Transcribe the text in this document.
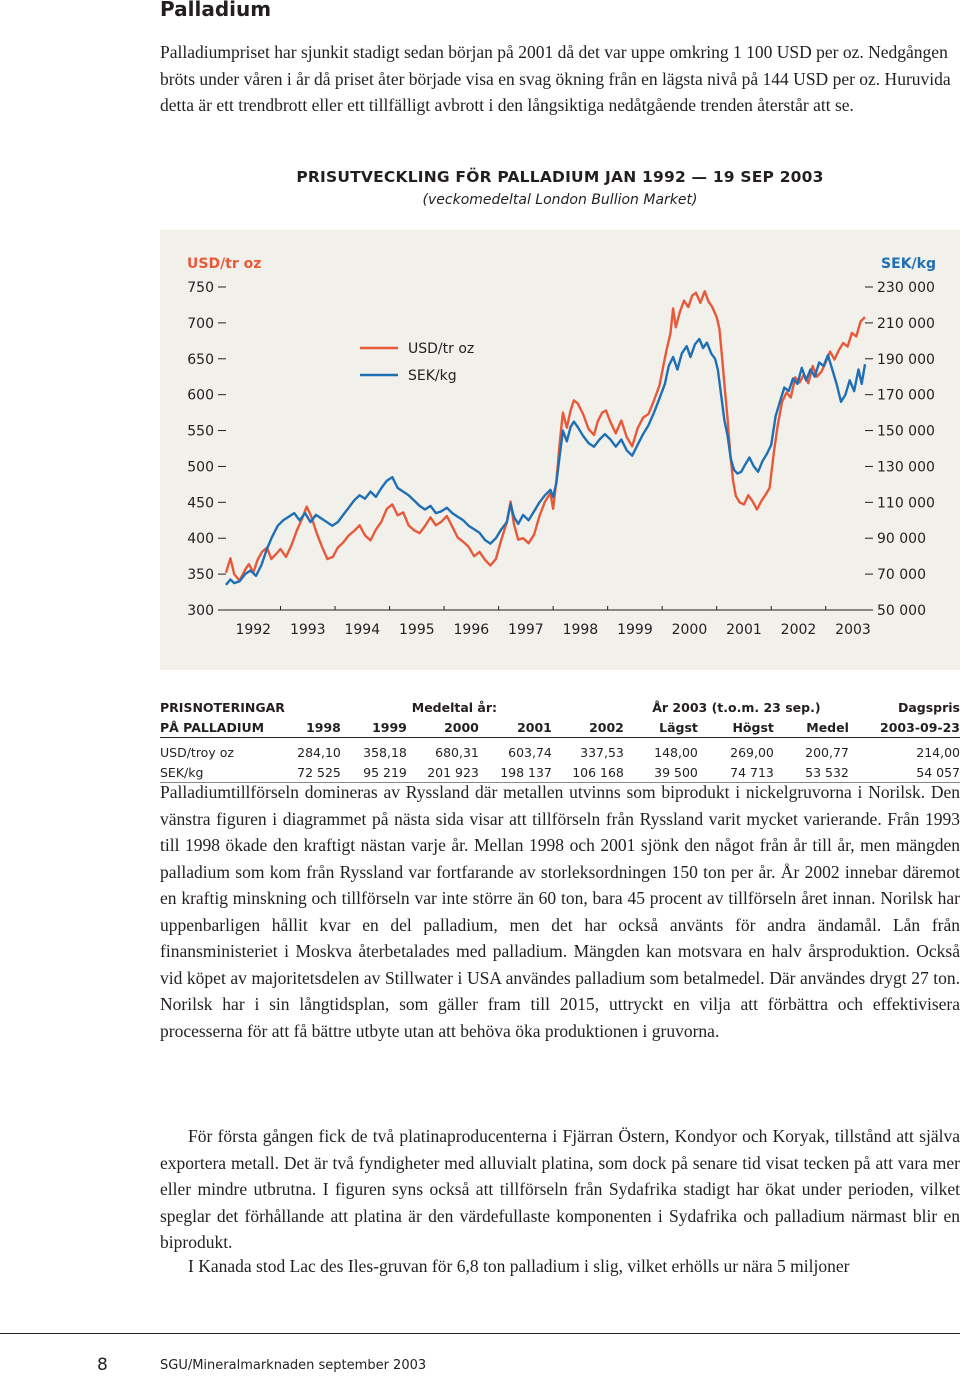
Palladium

Palladiumpriset har sjunkit stadigt sedan början på 2001 då det var uppe omkring 1 100 USD per oz. Nedgången bröts under våren i år då priset åter började visa en svag ökning från en lägsta nivå på 144 USD per oz. Huruvida detta är ett trendbrott eller ett tillfälligt avbrott i den långsiktiga nedåtgående trenden återstår att se.

PRISUTVECKLING FÖR PALLADIUM JAN 1992 — 19 SEP 2003
(veckomedeltal London Bullion Market)
USD/tr oz	SEK/kg
750	230 000
700	210 000
650	190 000
600	170 000
550	150 000
500	130 000
450	110 000
400	90 000
350	70 000
300	50 000
1992 1993 1994 1995 1996 1997 1998 1999 2000 2001 2002 2003
USD/tr oz
SEK/kg
PRISNOTERINGAR	Medeltal år:					År 2003 (t.o.m. 23 sep.)			Dagspris
PÅ PALLADIUM	1998	1999	2000	2001	2002	Lägst	Högst	Medel	2003-09-23

USD/troy oz	284,10	358,18	680,31	603,74	337,53	148,00	269,00	200,77	214,00
SEK/kg	72 525	95 219	201 923	198 137	106 168	39 500	74 713	53 532	54 057

Palladiumtillförseln domineras av Ryssland där metallen utvinns som biprodukt i nickelgruvorna i Norilsk. Den vänstra figuren i diagrammet på nästa sida visar att tillförseln från Ryssland varit mycket varierande. Från 1993 till 1998 ökade den kraftigt nästan varje år. Mellan 1998 och 2001 sjönk den något från år till år, men mängden palladium som kom från Ryssland var fortfarande av storleksordningen 150 ton per år. År 2002 innebar däremot en kraftig minskning och tillförseln var inte större än 60 ton, bara 45 procent av tillförseln året innan. Norilsk har uppenbarligen hållit kvar en del palladium, men det har också använts för andra ändamål. Lån från finansministeriet i Moskva återbetalades med palladium. Mängden kan motsvara en halv årsproduktion. Också vid köpet av majoritetsdelen av Stillwater i USA användes palladium som betalmedel. Där användes drygt 27 ton. Norilsk har i sin långtidsplan, som gäller fram till 2015, uttryckt en vilja att förbättra och effektivisera processerna för att få bättre utbyte utan att behöva öka produktionen i gruvorna.

För första gången fick de två platinaproducenterna i Fjärran Östern, Kondyor och Koryak, tillstånd att själva exportera metall. Det är två fyndigheter med alluvialt platina, som dock på senare tid visat tecken på att vara mer eller mindre utbrutna. I figuren syns också att tillförseln från Sydafrika stadigt har ökat under perioden, vilket speglar det förhållande att platina är den värdefullaste komponenten i Sydafrika och palladium närmast blir en biprodukt.

I Kanada stod Lac des Iles-gruvan för 6,8 ton palladium i slig, vilket erhölls ur nära 5 miljoner

8	SGU/Mineralmarknaden september 2003
